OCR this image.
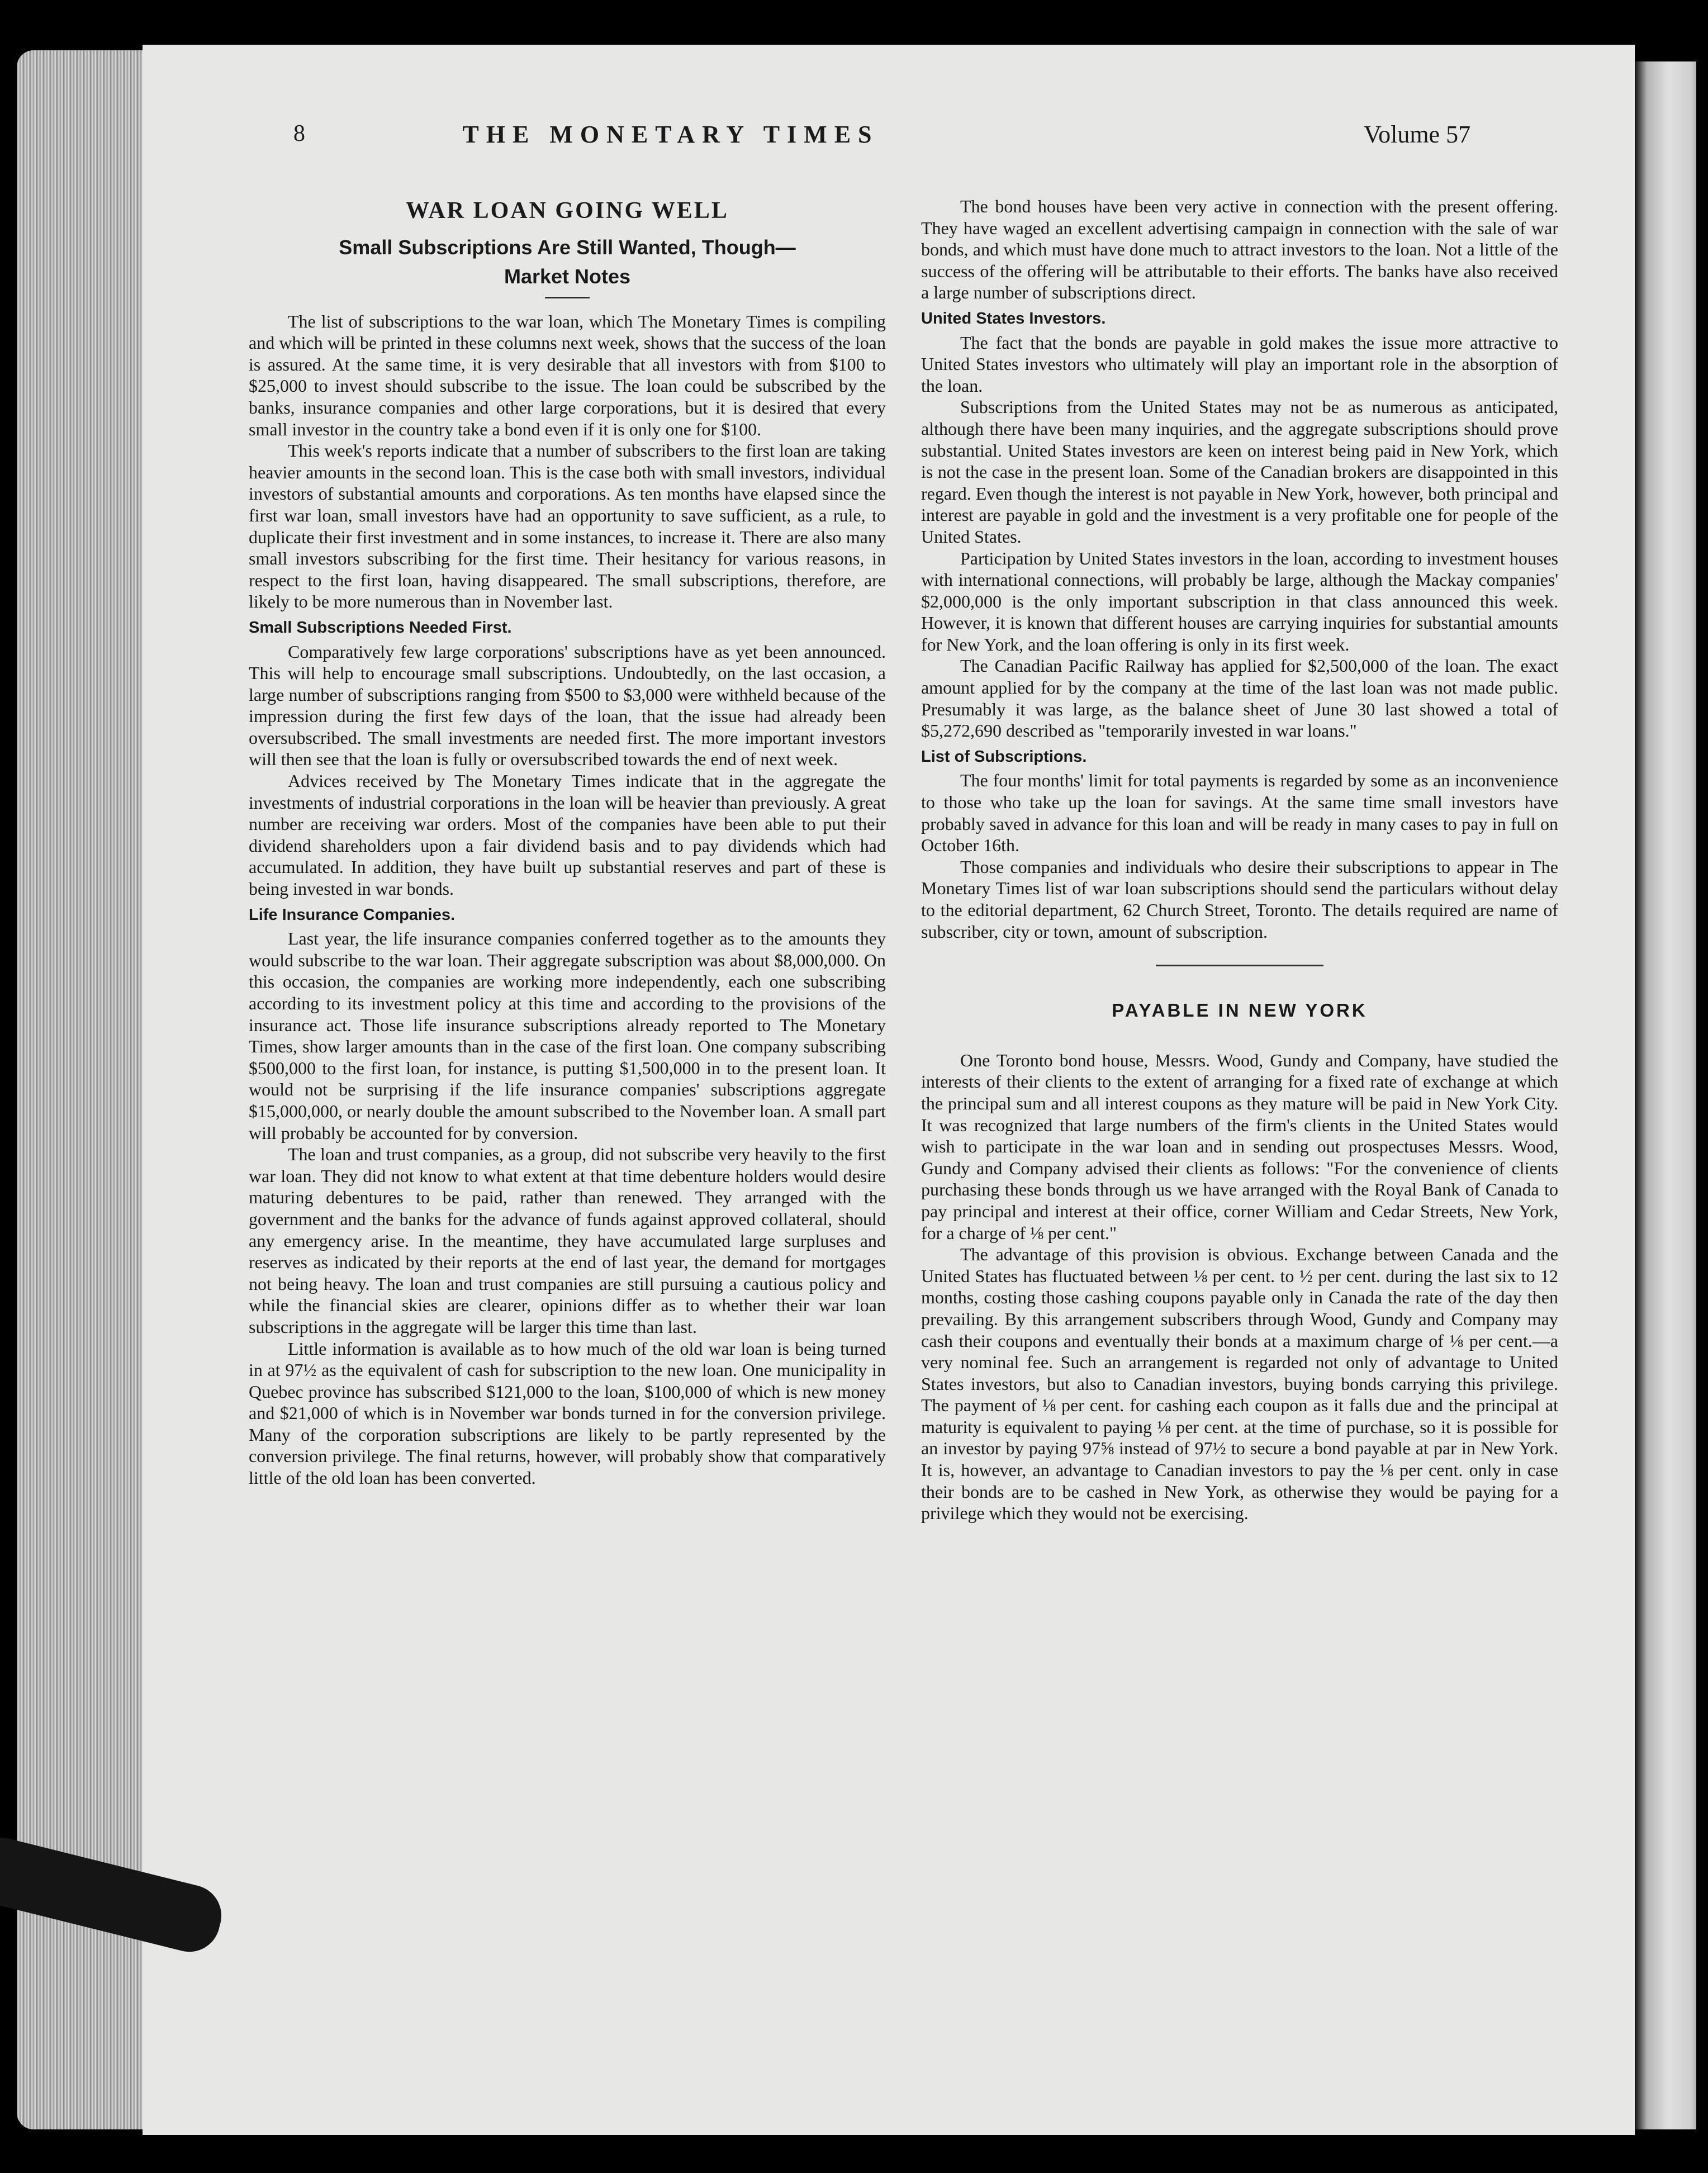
8	THE MONETARY TIMES	Volume 57
WAR LOAN GOING WELL
Small Subscriptions Are Still Wanted, Though—
Market Notes

The list of subscriptions to the war loan, which The Monetary Times is compiling and which will be printed in these columns next week, shows that the success of the loan is assured. At the same time, it is very desirable that all investors with from $100 to $25,000 to invest should subscribe to the issue. The loan could be subscribed by the banks, insurance companies and other large corporations, but it is desired that every small investor in the country take a bond even if it is only one for $100.

This week's reports indicate that a number of subscribers to the first loan are taking heavier amounts in the second loan. This is the case both with small investors, individual investors of substantial amounts and corporations. As ten months have elapsed since the first war loan, small investors have had an opportunity to save sufficient, as a rule, to duplicate their first investment and in some instances, to increase it. There are also many small investors subscribing for the first time. Their hesitancy for various reasons, in respect to the first loan, having disappeared. The small subscriptions, therefore, are likely to be more numerous than in November last.

Small Subscriptions Needed First.

Comparatively few large corporations' subscriptions have as yet been announced. This will help to encourage small subscriptions. Undoubtedly, on the last occasion, a large number of subscriptions ranging from $500 to $3,000 were withheld because of the impression during the first few days of the loan, that the issue had already been oversubscribed. The small investments are needed first. The more important investors will then see that the loan is fully or oversubscribed towards the end of next week.

Advices received by The Monetary Times indicate that in the aggregate the investments of industrial corporations in the loan will be heavier than previously. A great number are receiving war orders. Most of the companies have been able to put their dividend shareholders upon a fair dividend basis and to pay dividends which had accumulated. In addition, they have built up substantial reserves and part of these is being invested in war bonds.

Life Insurance Companies.

Last year, the life insurance companies conferred together as to the amounts they would subscribe to the war loan. Their aggregate subscription was about $8,000,000. On this occasion, the companies are working more independently, each one subscribing according to its investment policy at this time and according to the provisions of the insurance act. Those life insurance subscriptions already reported to The Monetary Times, show larger amounts than in the case of the first loan. One company subscribing $500,000 to the first loan, for instance, is putting $1,500,000 in to the present loan. It would not be surprising if the life insurance companies' subscriptions aggregate $15,000,000, or nearly double the amount subscribed to the November loan. A small part will probably be accounted for by conversion.

The loan and trust companies, as a group, did not subscribe very heavily to the first war loan. They did not know to what extent at that time debenture holders would desire maturing debentures to be paid, rather than renewed. They arranged with the government and the banks for the advance of funds against approved collateral, should any emergency arise. In the meantime, they have accumulated large surpluses and reserves as indicated by their reports at the end of last year, the demand for mortgages not being heavy. The loan and trust companies are still pursuing a cautious policy and while the financial skies are clearer, opinions differ as to whether their war loan subscriptions in the aggregate will be larger this time than last.

Little information is available as to how much of the old war loan is being turned in at 97½ as the equivalent of cash for subscription to the new loan. One municipality in Quebec province has subscribed $121,000 to the loan, $100,000 of which is new money and $21,000 of which is in November war bonds turned in for the conversion privilege. Many of the corporation subscriptions are likely to be partly represented by the conversion privilege. The final returns, however, will probably show that comparatively little of the old loan has been converted.

The bond houses have been very active in connection with the present offering. They have waged an excellent advertising campaign in connection with the sale of war bonds, and which must have done much to attract investors to the loan. Not a little of the success of the offering will be attributable to their efforts. The banks have also received a large number of subscriptions direct.

United States Investors.

The fact that the bonds are payable in gold makes the issue more attractive to United States investors who ultimately will play an important role in the absorption of the loan.

Subscriptions from the United States may not be as numerous as anticipated, although there have been many inquiries, and the aggregate subscriptions should prove substantial. United States investors are keen on interest being paid in New York, which is not the case in the present loan. Some of the Canadian brokers are disappointed in this regard. Even though the interest is not payable in New York, however, both principal and interest are payable in gold and the investment is a very profitable one for people of the United States.

Participation by United States investors in the loan, according to investment houses with international connections, will probably be large, although the Mackay companies' $2,000,000 is the only important subscription in that class announced this week. However, it is known that different houses are carrying inquiries for substantial amounts for New York, and the loan offering is only in its first week.

The Canadian Pacific Railway has applied for $2,500,000 of the loan. The exact amount applied for by the company at the time of the last loan was not made public. Presumably it was large, as the balance sheet of June 30 last showed a total of $5,272,690 described as "temporarily invested in war loans."

List of Subscriptions.

The four months' limit for total payments is regarded by some as an inconvenience to those who take up the loan for savings. At the same time small investors have probably saved in advance for this loan and will be ready in many cases to pay in full on October 16th.

Those companies and individuals who desire their subscriptions to appear in The Monetary Times list of war loan subscriptions should send the particulars without delay to the editorial department, 62 Church Street, Toronto. The details required are name of subscriber, city or town, amount of subscription.

PAYABLE IN NEW YORK

One Toronto bond house, Messrs. Wood, Gundy and Company, have studied the interests of their clients to the extent of arranging for a fixed rate of exchange at which the principal sum and all interest coupons as they mature will be paid in New York City. It was recognized that large numbers of the firm's clients in the United States would wish to participate in the war loan and in sending out prospectuses Messrs. Wood, Gundy and Company advised their clients as follows: "For the convenience of clients purchasing these bonds through us we have arranged with the Royal Bank of Canada to pay principal and interest at their office, corner William and Cedar Streets, New York, for a charge of ⅛ per cent."

The advantage of this provision is obvious. Exchange between Canada and the United States has fluctuated between ⅛ per cent. to ½ per cent. during the last six to 12 months, costing those cashing coupons payable only in Canada the rate of the day then prevailing. By this arrangement subscribers through Wood, Gundy and Company may cash their coupons and eventually their bonds at a maximum charge of ⅛ per cent.—a very nominal fee. Such an arrangement is regarded not only of advantage to United States investors, but also to Canadian investors, buying bonds carrying this privilege. The payment of ⅛ per cent. for cashing each coupon as it falls due and the principal at maturity is equivalent to paying ⅛ per cent. at the time of purchase, so it is possible for an investor by paying 97⅝ instead of 97½ to secure a bond payable at par in New York. It is, however, an advantage to Canadian investors to pay the ⅛ per cent. only in case their bonds are to be cashed in New York, as otherwise they would be paying for a privilege which they would not be exercising.
